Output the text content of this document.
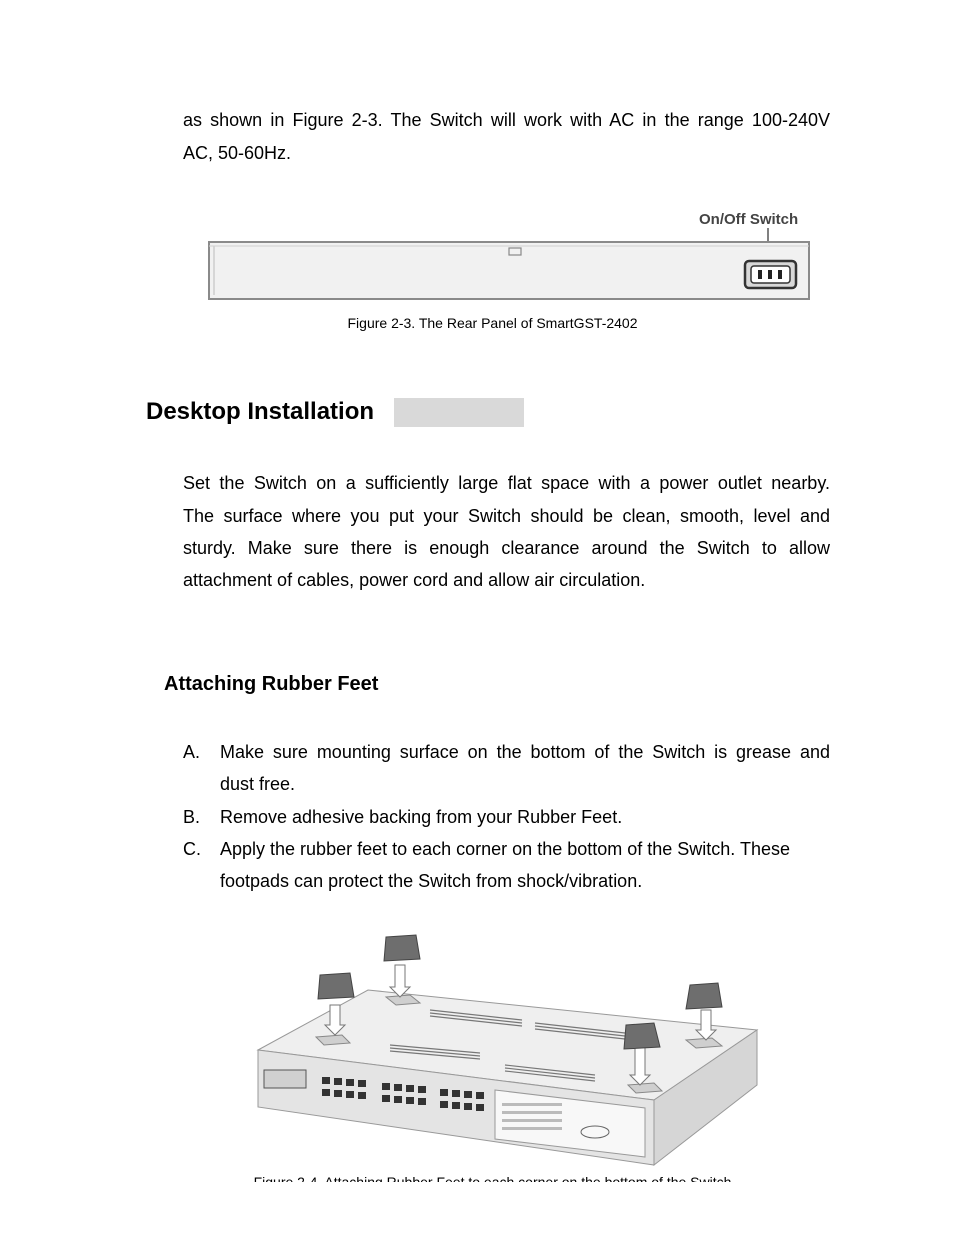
as shown in Figure 2-3. The Switch will work with AC in the range 100-240V
AC, 50-60Hz.
On/Off Switch
Figure 2-3. The Rear Panel of SmartGST-2402
Desktop Installation
Set the Switch on a sufficiently large flat space with a power outlet nearby.
The surface where you put your Switch should be clean, smooth, level and
sturdy. Make sure there is enough clearance around the Switch to allow
attachment of cables, power cord and allow air circulation.
Attaching Rubber Feet
A. Make sure mounting surface on the bottom of the Switch is grease and
dust free.
B. Remove adhesive backing from your Rubber Feet.
C. Apply the rubber feet to each corner on the bottom of the Switch. These
footpads can protect the Switch from shock/vibration.
